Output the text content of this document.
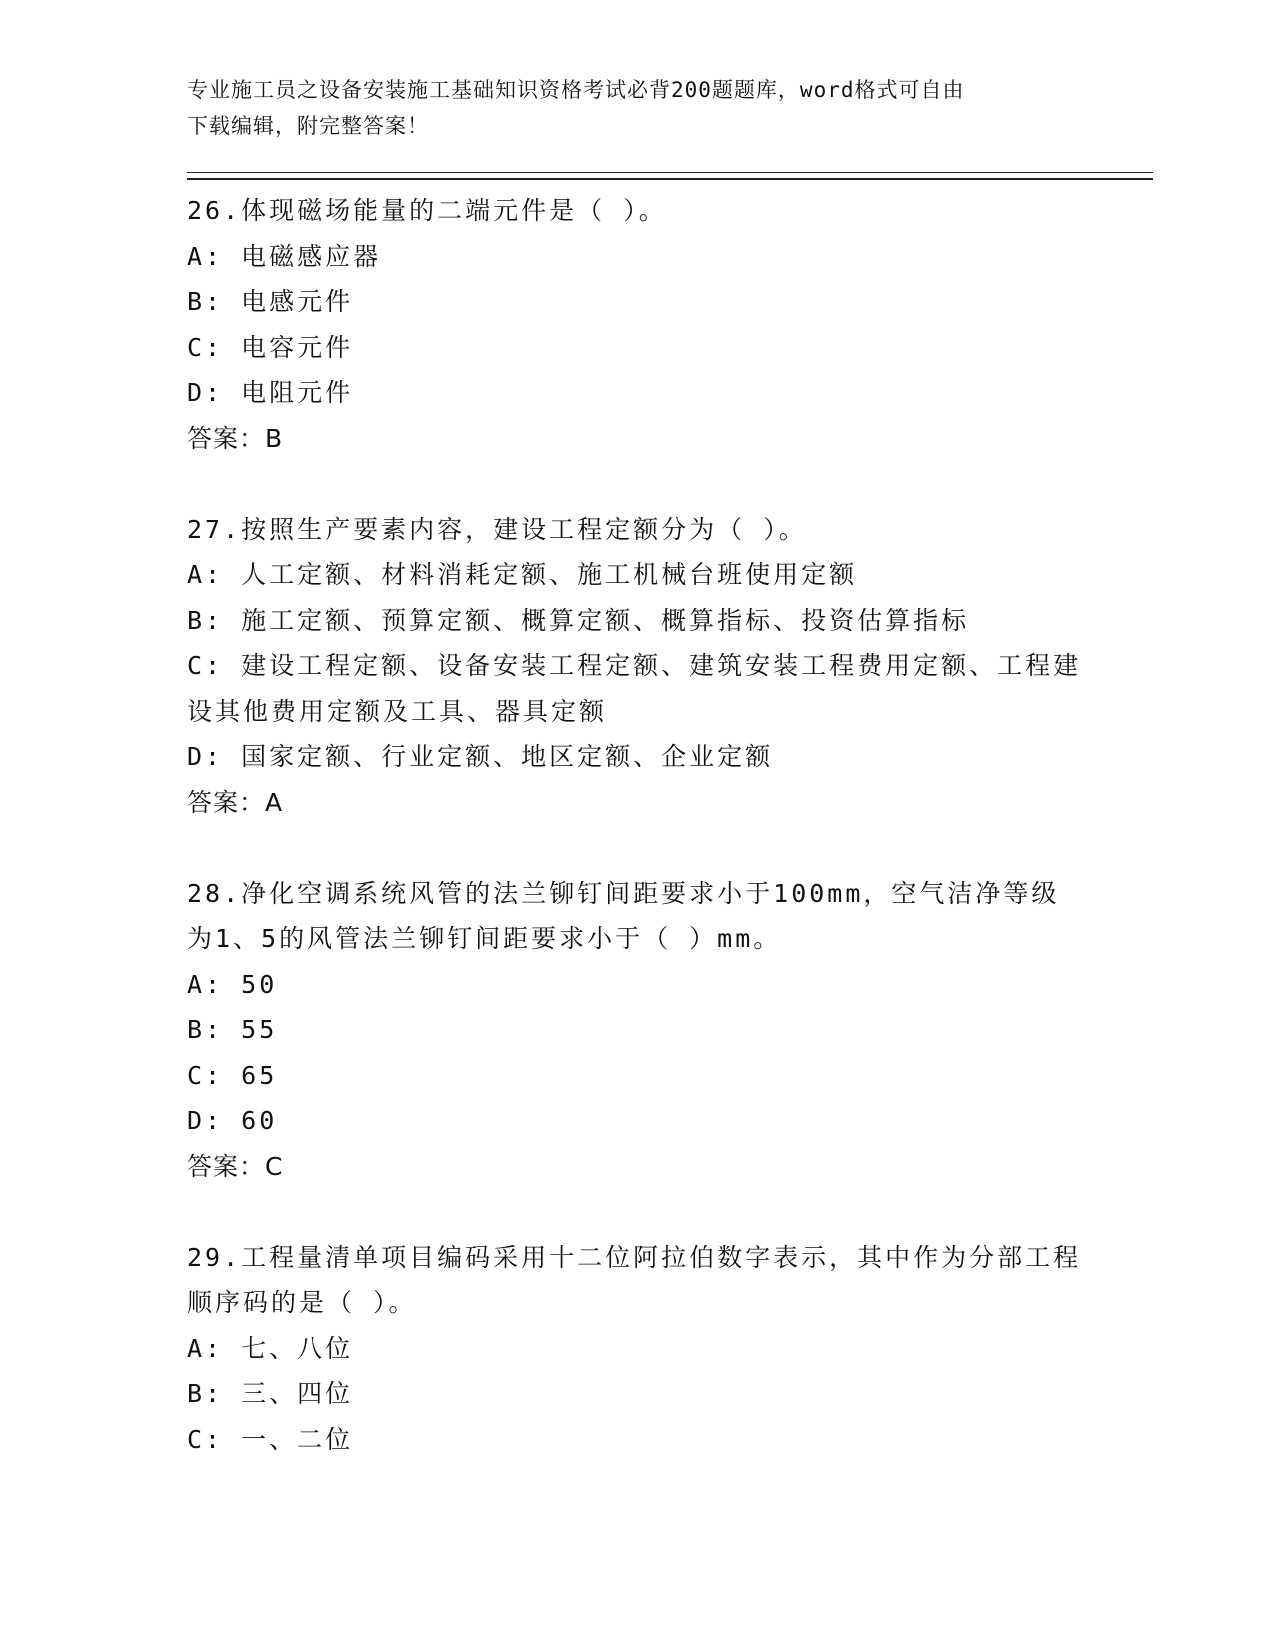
专业施工员之设备安装施工基础知识资格考试必背200题题库，word格式可自由
下载编辑，附完整答案！
26.体现磁场能量的二端元件是（ ）。
A: 电磁感应器
B: 电感元件
C: 电容元件
D: 电阻元件
答案：B
27.按照生产要素内容，建设工程定额分为（ ）。
A: 人工定额、材料消耗定额、施工机械台班使用定额
B: 施工定额、预算定额、概算定额、概算指标、投资估算指标
C: 建设工程定额、设备安装工程定额、建筑安装工程费用定额、工程建设其他费用定额及工具、器具定额
D: 国家定额、行业定额、地区定额、企业定额
答案：A
28.净化空调系统风管的法兰铆钉间距要求小于100mm，空气洁净等级为1、5的风管法兰铆钉间距要求小于（ ）mm。
A: 50
B: 55
C: 65
D: 60
答案：C
29.工程量清单项目编码采用十二位阿拉伯数字表示，其中作为分部工程顺序码的是（ ）。
A: 七、八位
B: 三、四位
C: 一、二位
